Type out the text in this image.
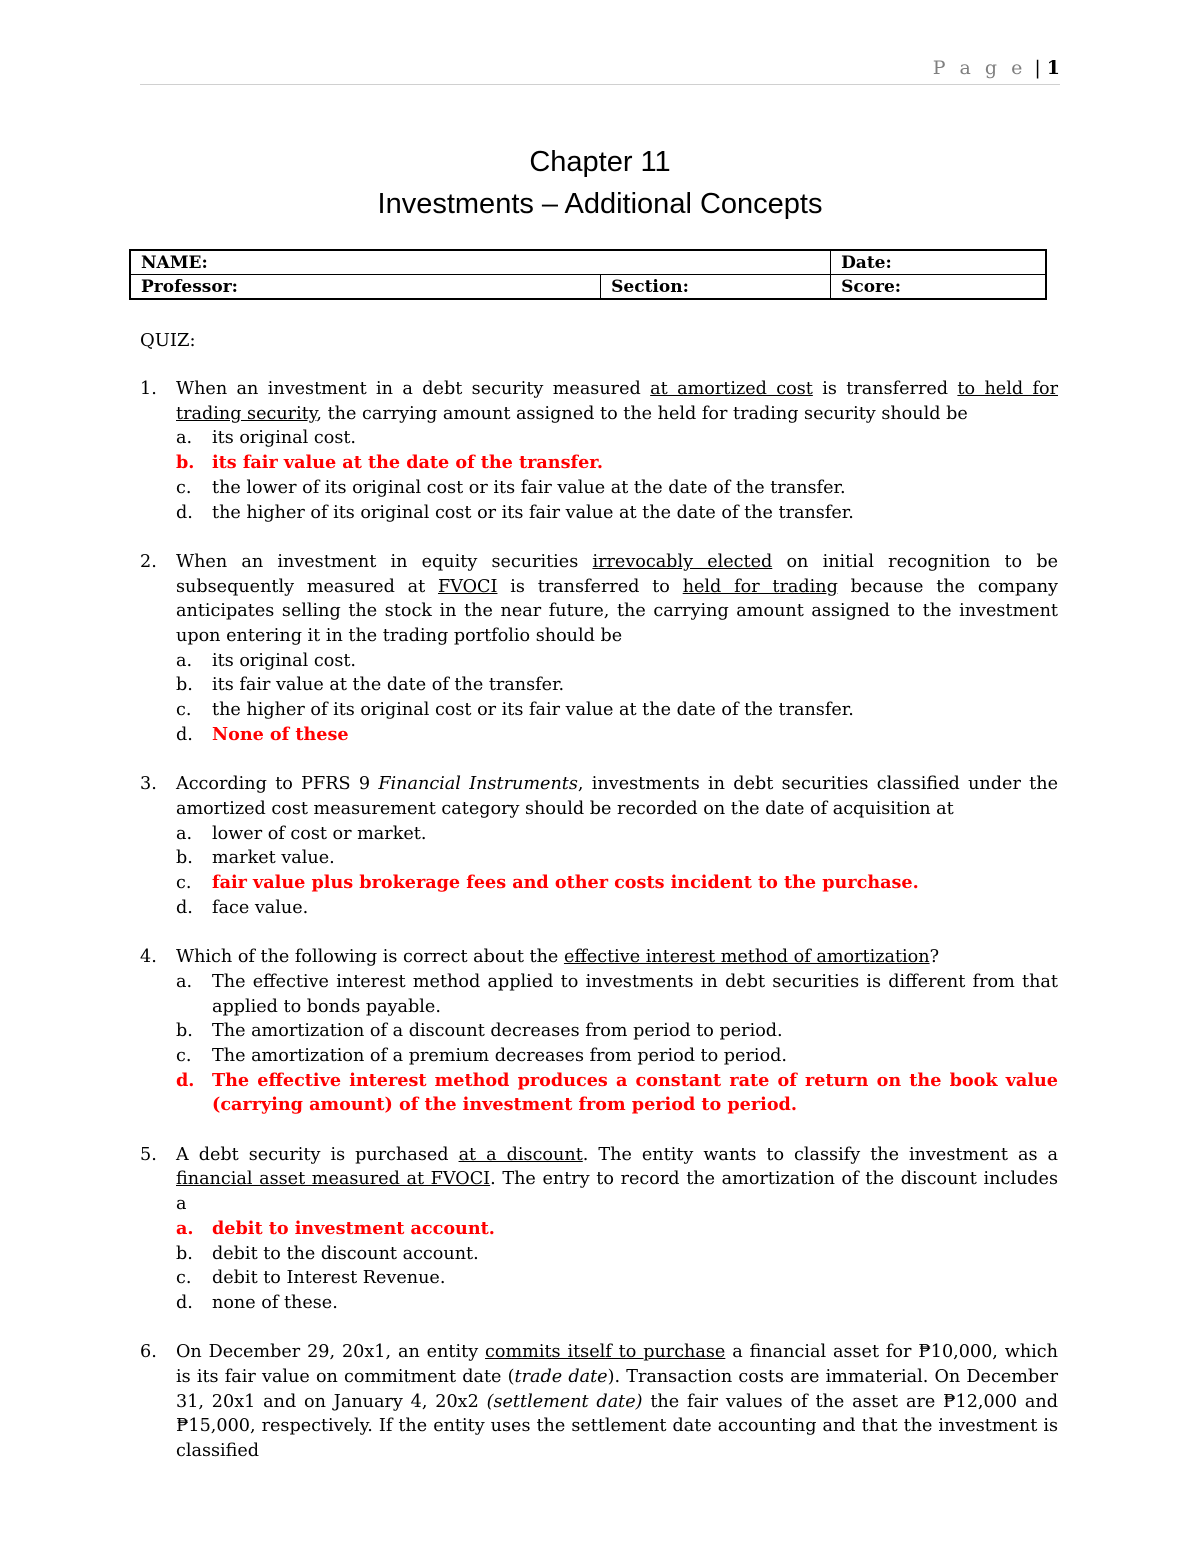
P a g e | 1
Chapter 11
Investments – Additional Concepts
NAME:		Date:
Professor:	Section:	Score:
QUIZ:
1. When an investment in a debt security measured at amortized cost is transferred to held for trading security, the carrying amount assigned to the held for trading security should be
a. its original cost.
b. its fair value at the date of the transfer.
c. the lower of its original cost or its fair value at the date of the transfer.
d. the higher of its original cost or its fair value at the date of the transfer.
2. When an investment in equity securities irrevocably elected on initial recognition to be subsequently measured at FVOCI is transferred to held for trading because the company anticipates selling the stock in the near future, the carrying amount assigned to the investment upon entering it in the trading portfolio should be
a. its original cost.
b. its fair value at the date of the transfer.
c. the higher of its original cost or its fair value at the date of the transfer.
d. None of these
3. According to PFRS 9 Financial Instruments, investments in debt securities classified under the amortized cost measurement category should be recorded on the date of acquisition at
a. lower of cost or market.
b. market value.
c. fair value plus brokerage fees and other costs incident to the purchase.
d. face value.
4. Which of the following is correct about the effective interest method of amortization?
a. The effective interest method applied to investments in debt securities is different from that applied to bonds payable.
b. The amortization of a discount decreases from period to period.
c. The amortization of a premium decreases from period to period.
d. The effective interest method produces a constant rate of return on the book value (carrying amount) of the investment from period to period.
5. A debt security is purchased at a discount. The entity wants to classify the investment as a financial asset measured at FVOCI. The entry to record the amortization of the discount includes a
a. debit to investment account.
b. debit to the discount account.
c. debit to Interest Revenue.
d. none of these.
6. On December 29, 20x1, an entity commits itself to purchase a financial asset for ₱10,000, which is its fair value on commitment date (trade date). Transaction costs are immaterial. On December 31, 20x1 and on January 4, 20x2 (settlement date) the fair values of the asset are ₱12,000 and ₱15,000, respectively. If the entity uses the settlement date accounting and that the investment is classified
